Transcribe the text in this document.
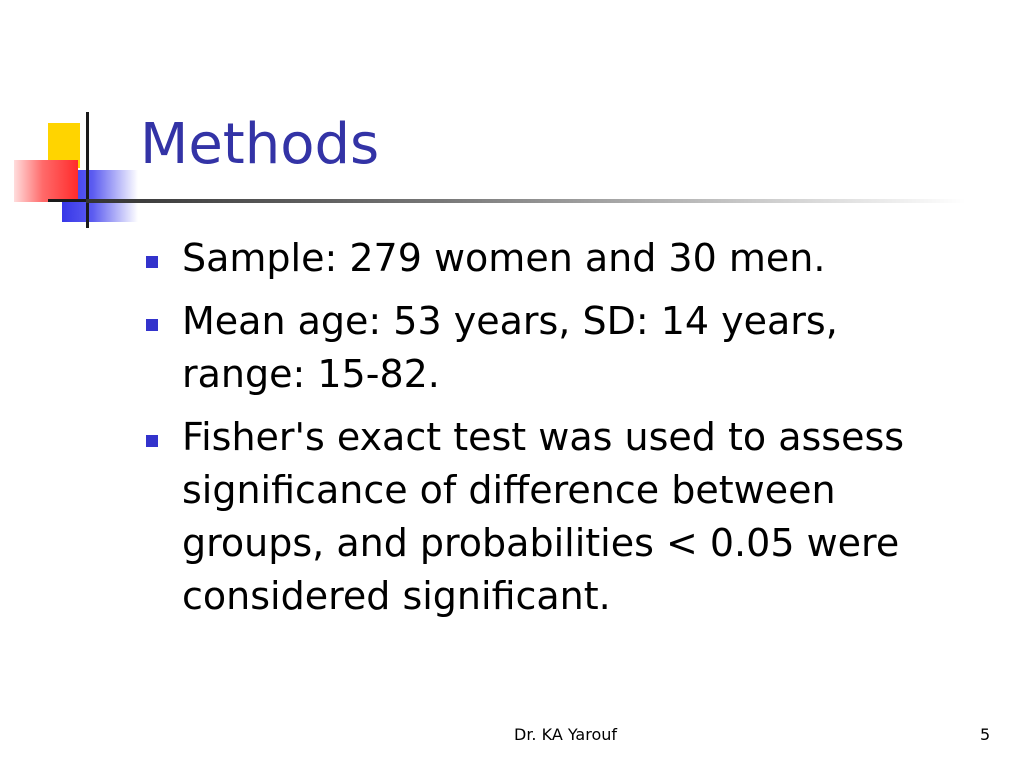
Methods
Sample: 279 women and 30 men.
Mean age: 53 years, SD: 14 years, range: 15-82.
Fisher's exact test was used to assess significance of difference between groups, and probabilities < 0.05 were considered significant.
Dr. KA Yarouf	5
